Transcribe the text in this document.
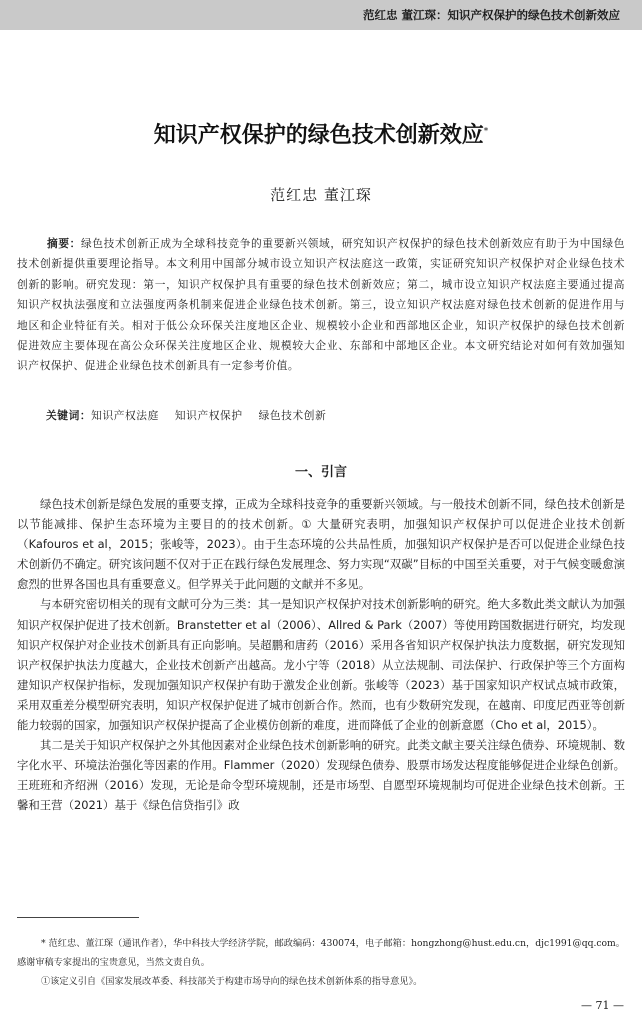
范红忠 董江琛：知识产权保护的绿色技术创新效应
知识产权保护的绿色技术创新效应*
范红忠 董江琛

摘要：绿色技术创新正成为全球科技竞争的重要新兴领域，研究知识产权保护的绿色技术创新效应有助于为中国绿色技术创新提供重要理论指导。本文利用中国部分城市设立知识产权法庭这一政策，实证研究知识产权保护对企业绿色技术创新的影响。研究发现：第一，知识产权保护具有重要的绿色技术创新效应；第二，城市设立知识产权法庭主要通过提高知识产权执法强度和立法强度两条机制来促进企业绿色技术创新。第三，设立知识产权法庭对绿色技术创新的促进作用与地区和企业特征有关。相对于低公众环保关注度地区企业、规模较小企业和西部地区企业，知识产权保护的绿色技术创新促进效应主要体现在高公众环保关注度地区企业、规模较大企业、东部和中部地区企业。本文研究结论对如何有效加强知识产权保护、促进企业绿色技术创新具有一定参考价值。

关键词：知识产权法庭 知识产权保护 绿色技术创新
一、引言

绿色技术创新是绿色发展的重要支撑，正成为全球科技竞争的重要新兴领域。与一般技术创新不同，绿色技术创新是以节能减排、保护生态环境为主要目的的技术创新。① 大量研究表明，加强知识产权保护可以促进企业技术创新（Kafouros et al，2015；张峻等，2023）。由于生态环境的公共品性质，加强知识产权保护是否可以促进企业绿色技术创新仍不确定。研究该问题不仅对于正在践行绿色发展理念、努力实现“双碳”目标的中国至关重要，对于气候变暖愈演愈烈的世界各国也具有重要意义。但学界关于此问题的文献并不多见。

与本研究密切相关的现有文献可分为三类：其一是知识产权保护对技术创新影响的研究。绝大多数此类文献认为加强知识产权保护促进了技术创新。Branstetter et al（2006）、Allred & Park（2007）等使用跨国数据进行研究，均发现知识产权保护对企业技术创新具有正向影响。吴超鹏和唐药（2016）采用各省知识产权保护执法力度数据，研究发现知识产权保护执法力度越大，企业技术创新产出越高。龙小宁等（2018）从立法规制、司法保护、行政保护等三个方面构建知识产权保护指标，发现加强知识产权保护有助于激发企业创新。张峻等（2023）基于国家知识产权试点城市政策，采用双重差分模型研究表明，知识产权保护促进了城市创新合作。然而，也有少数研究发现，在越南、印度尼西亚等创新能力较弱的国家，加强知识产权保护提高了企业模仿创新的难度，进而降低了企业的创新意愿（Cho et al，2015）。

其二是关于知识产权保护之外其他因素对企业绿色技术创新影响的研究。此类文献主要关注绿色债券、环境规制、数字化水平、环境法治强化等因素的作用。Flammer（2020）发现绿色债券、股票市场发达程度能够促进企业绿色创新。王班班和齐绍洲（2016）发现，无论是命令型环境规制，还是市场型、自愿型环境规制均可促进企业绿色技术创新。王馨和王营（2021）基于《绿色信贷指引》政

* 范红忠、董江琛（通讯作者），华中科技大学经济学院，邮政编码：430074，电子邮箱：hongzhong@hust.edu.cn，djc1991@qq.com。感谢审稿专家提出的宝贵意见，当然文责自负。

①该定义引自《国家发展改革委、科技部关于构建市场导向的绿色技术创新体系的指导意见》。

— 71 —
